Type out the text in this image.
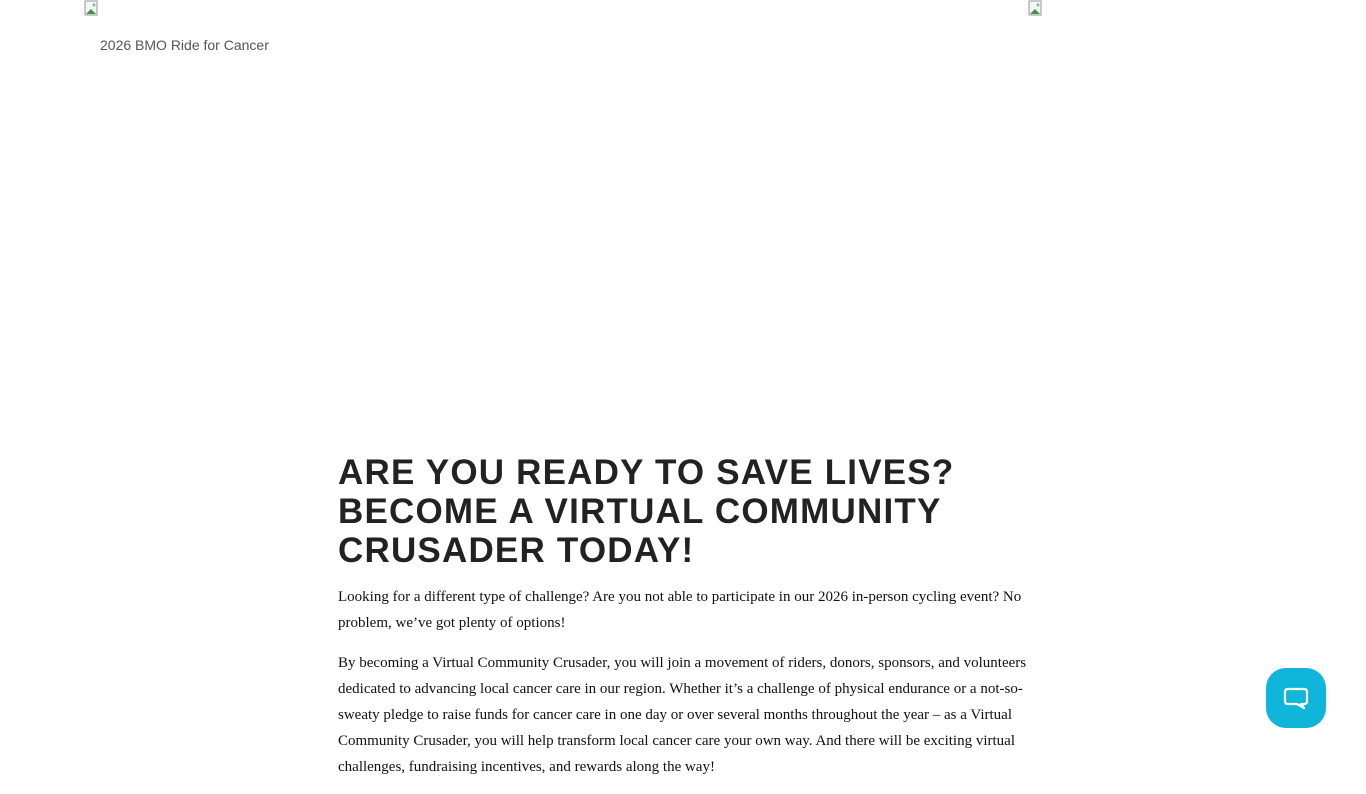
2026 BMO Ride for Cancer
ARE YOU READY TO SAVE LIVES? BECOME A VIRTUAL COMMUNITY CRUSADER TODAY!

Looking for a different type of challenge? Are you not able to participate in our 2026 in-person cycling event? No problem, we’ve got plenty of options!

By becoming a Virtual Community Crusader, you will join a movement of riders, donors, sponsors, and volunteers dedicated to advancing local cancer care in our region. Whether it’s a challenge of physical endurance or a not-so-sweaty pledge to raise funds for cancer care in one day or over several months throughout the year – as a Virtual Community Crusader, you will help transform local cancer care your own way. And there will be exciting virtual challenges, fundraising incentives, and rewards along the way!
